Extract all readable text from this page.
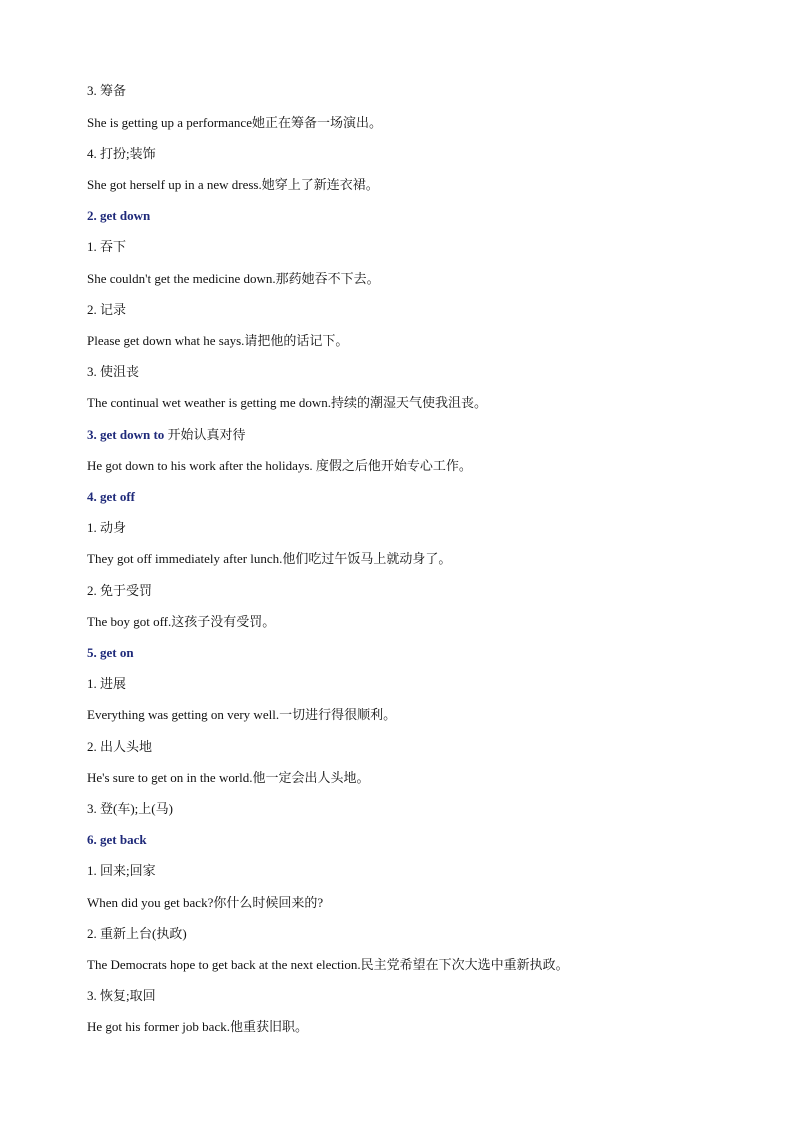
3. 筹备
She is getting up a performance她正在筹备一场演出。
4. 打扮;装饰
She got herself up in a new dress.她穿上了新连衣裙。
2. get down
1. 吞下
She couldn't get the medicine down.那药她吞不下去。
2. 记录
Please get down what he says.请把他的话记下。
3. 使沮丧
The continual wet weather is getting me down.持续的潮湿天气使我沮丧。
3. get down to 开始认真对待
He got down to his work after the holidays. 度假之后他开始专心工作。
4. get off
1. 动身
They got off immediately after lunch.他们吃过午饭马上就动身了。
2. 免于受罚
The boy got off.这孩子没有受罚。
5. get on
1. 进展
Everything was getting on very well.一切进行得很顺利。
2. 出人头地
He's sure to get on in the world.他一定会出人头地。
3. 登(车);上(马)
6. get back
1. 回来;回家
When did you get back?你什么时候回来的?
2. 重新上台(执政)
The Democrats hope to get back at the next election.民主党希望在下次大选中重新执政。
3. 恢复;取回
He got his former job back.他重获旧职。
